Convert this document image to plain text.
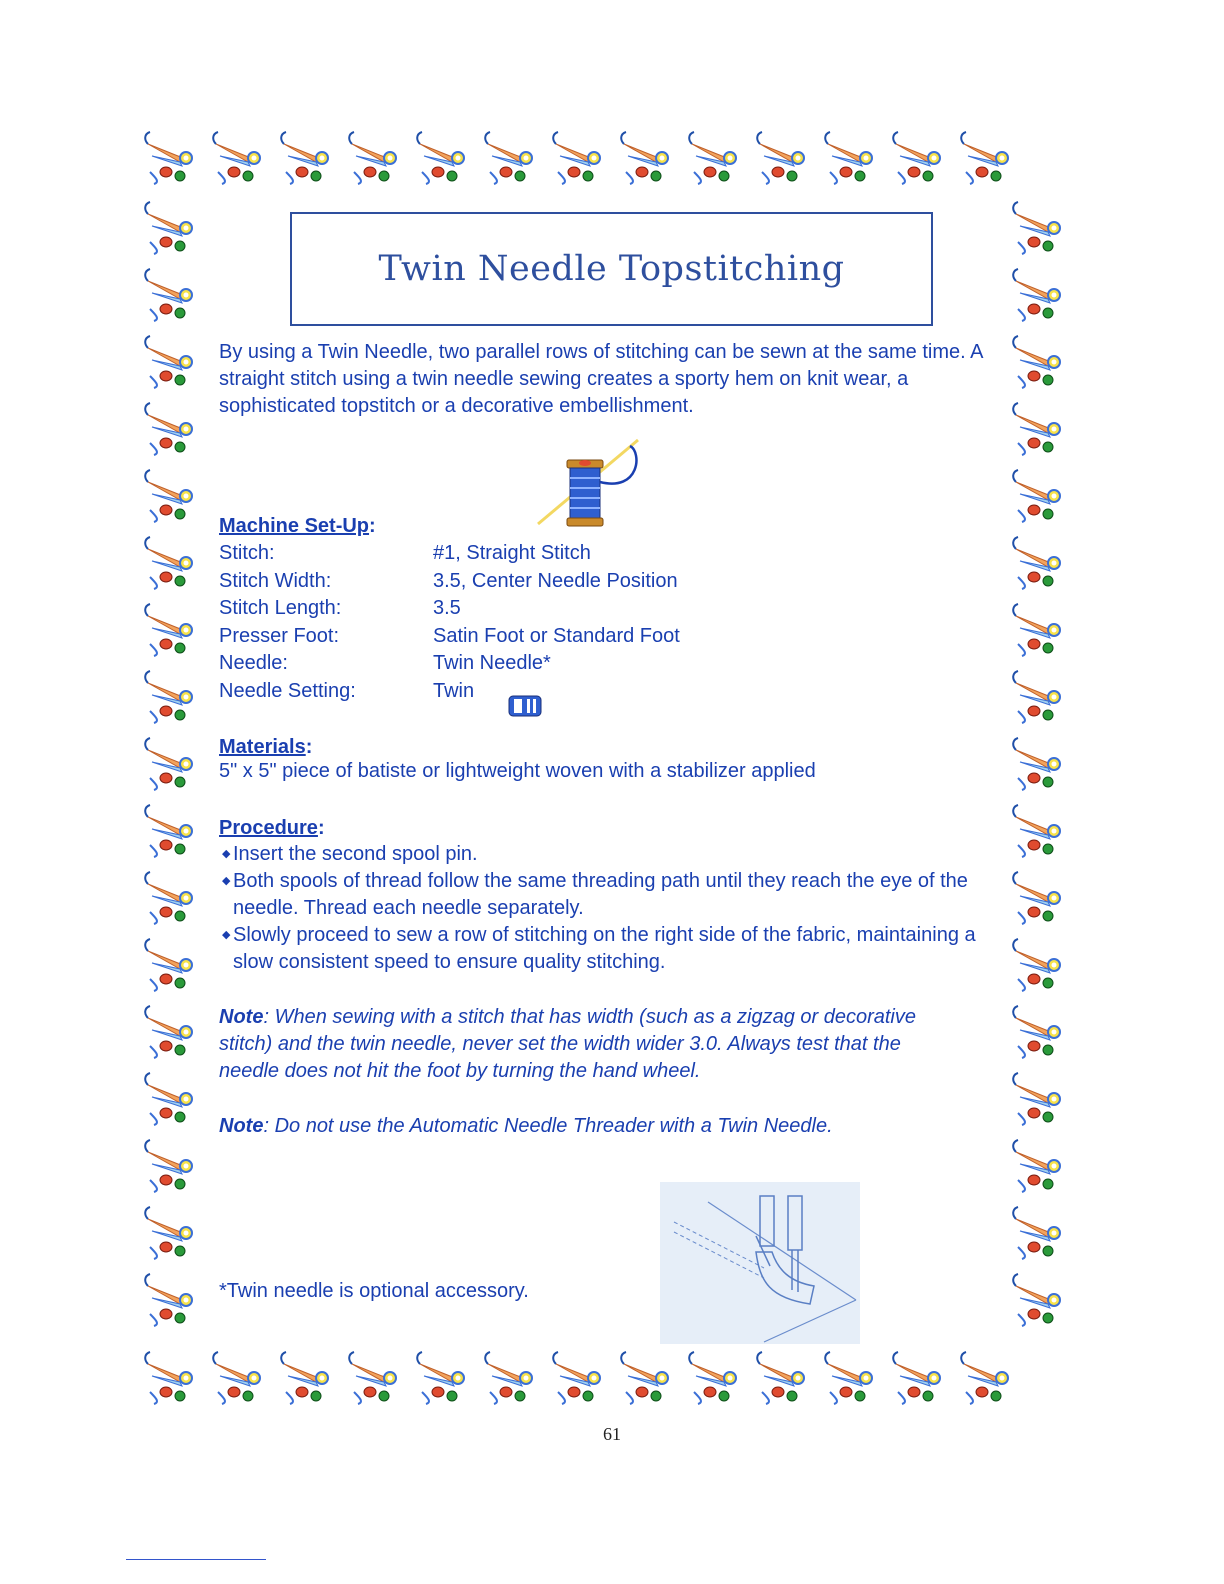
Twin Needle Topstitching

By using a Twin Needle, two parallel rows of stitching can be sewn at the same time. A straight stitch using a twin needle sewing creates a sporty hem on knit wear, a sophisticated topstitch or a decorative embellishment.

Machine Set-Up:
Stitch:	#1, Straight Stitch
Stitch Width:	3.5, Center Needle Position
Stitch Length:	3.5
Presser Foot:	Satin Foot or Standard Foot
Needle:	Twin Needle*
Needle Setting:	Twin
Materials:

5" x 5" piece of batiste or lightweight woven with a stabilizer applied

Procedure:
◆ Insert the second spool pin.
◆ Both spools of thread follow the same threading path until they reach the eye of the needle. Thread each needle separately.
◆ Slowly proceed to sew a row of stitching on the right side of the fabric, maintaining a slow consistent speed to ensure quality stitching.

Note: When sewing with a stitch that has width (such as a zigzag or decorative stitch) and the twin needle, never set the width wider 3.0. Always test that the needle does not hit the foot by turning the hand wheel.

Note: Do not use the Automatic Needle Threader with a Twin Needle.

*Twin needle is optional accessory.

61
